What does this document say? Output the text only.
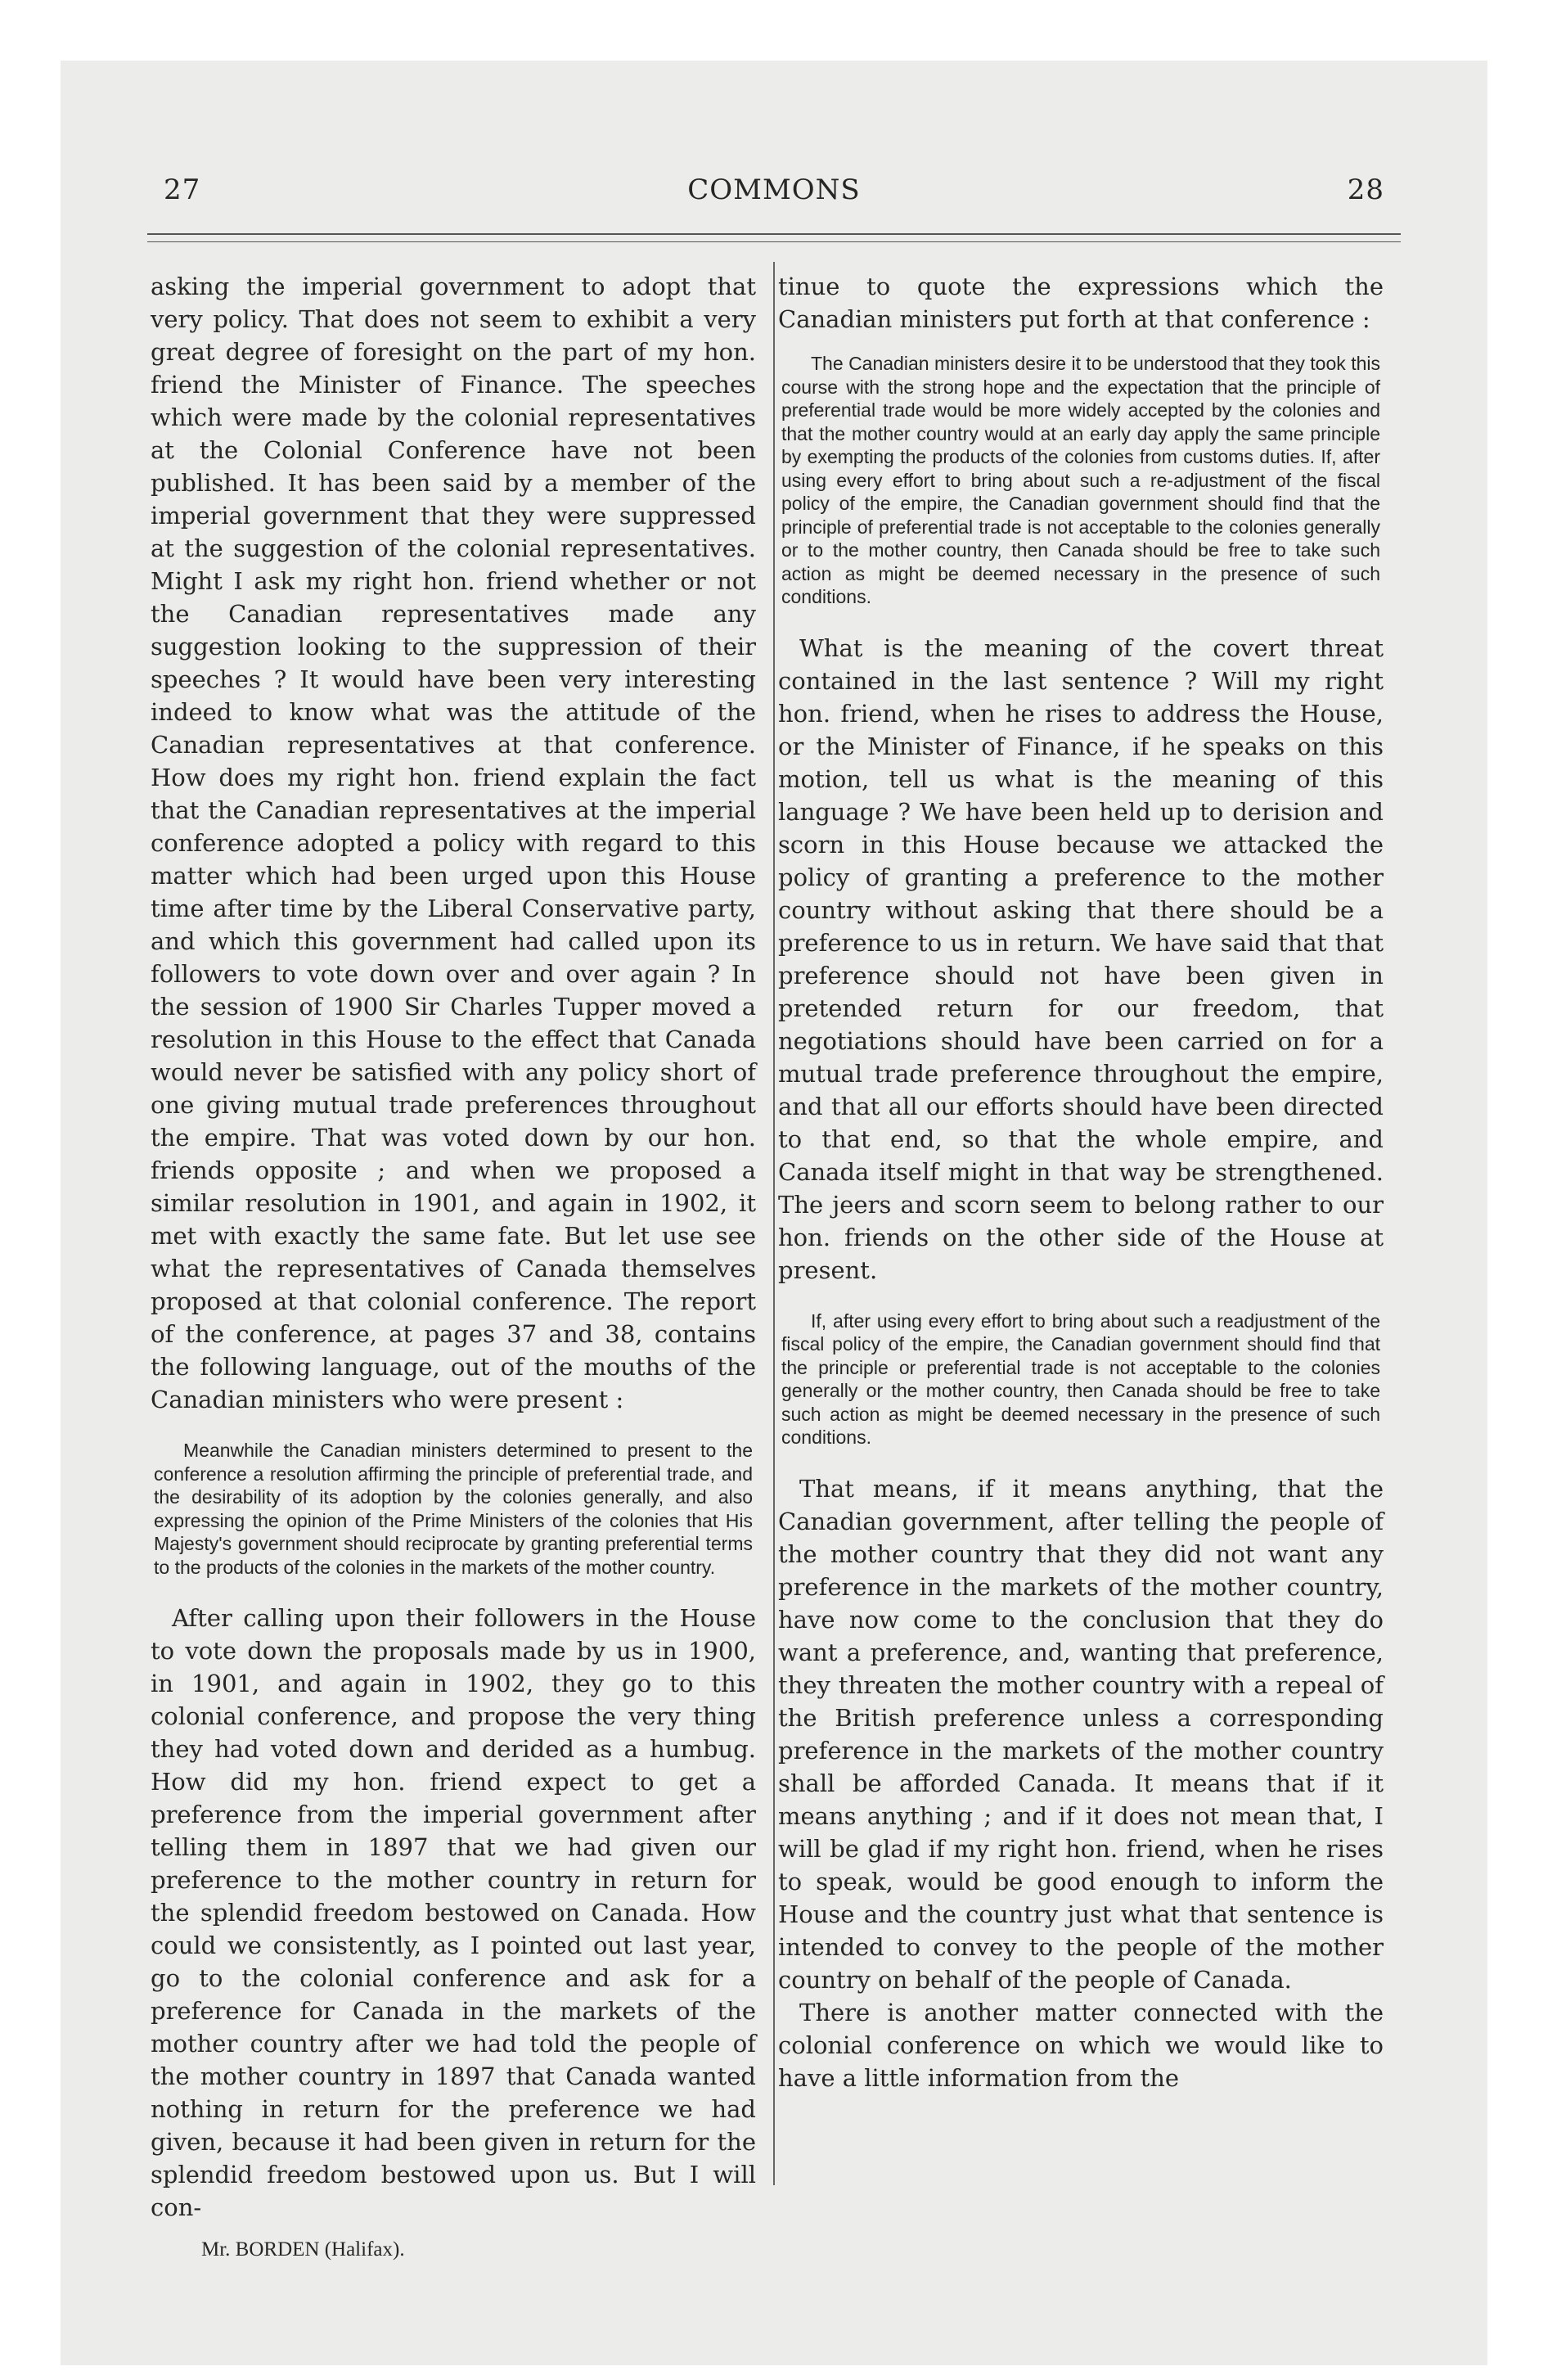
27	COMMONS	28

asking the imperial government to adopt that very policy. That does not seem to exhibit a very great degree of foresight on the part of my hon. friend the Minister of Finance. The speeches which were made by the colonial representatives at the Colonial Conference have not been published. It has been said by a member of the imperial government that they were suppressed at the suggestion of the colonial representatives. Might I ask my right hon. friend whether or not the Canadian representatives made any suggestion looking to the suppression of their speeches ? It would have been very interesting indeed to know what was the attitude of the Canadian representatives at that conference. How does my right hon. friend explain the fact that the Canadian representatives at the imperial conference adopted a policy with regard to this matter which had been urged upon this House time after time by the Liberal Conservative party, and which this government had called upon its followers to vote down over and over again ? In the session of 1900 Sir Charles Tupper moved a resolution in this House to the effect that Canada would never be satisfied with any policy short of one giving mutual trade preferences throughout the empire. That was voted down by our hon. friends opposite ; and when we proposed a similar resolution in 1901, and again in 1902, it met with exactly the same fate. But let use see what the representatives of Canada themselves proposed at that colonial conference. The report of the conference, at pages 37 and 38, contains the following language, out of the mouths of the Canadian ministers who were present :

Meanwhile the Canadian ministers determined to present to the conference a resolution affirming the principle of preferential trade, and the desirability of its adoption by the colonies generally, and also expressing the opinion of the Prime Ministers of the colonies that His Majesty's government should reciprocate by granting preferential terms to the products of the colonies in the markets of the mother country.

After calling upon their followers in the House to vote down the proposals made by us in 1900, in 1901, and again in 1902, they go to this colonial conference, and propose the very thing they had voted down and derided as a humbug. How did my hon. friend expect to get a preference from the imperial government after telling them in 1897 that we had given our preference to the mother country in return for the splendid freedom bestowed on Canada. How could we consistently, as I pointed out last year, go to the colonial conference and ask for a preference for Canada in the markets of the mother country after we had told the people of the mother country in 1897 that Canada wanted nothing in return for the preference we had given, because it had been given in return for the splendid freedom bestowed upon us. But I will con-

Mr. BORDEN (Halifax).

tinue to quote the expressions which the Canadian ministers put forth at that conference :

The Canadian ministers desire it to be understood that they took this course with the strong hope and the expectation that the principle of preferential trade would be more widely accepted by the colonies and that the mother country would at an early day apply the same principle by exempting the products of the colonies from customs duties. If, after using every effort to bring about such a re-adjustment of the fiscal policy of the empire, the Canadian government should find that the principle of preferential trade is not acceptable to the colonies generally or to the mother country, then Canada should be free to take such action as might be deemed necessary in the presence of such conditions.

What is the meaning of the covert threat contained in the last sentence ? Will my right hon. friend, when he rises to address the House, or the Minister of Finance, if he speaks on this motion, tell us what is the meaning of this language ? We have been held up to derision and scorn in this House because we attacked the policy of granting a preference to the mother country without asking that there should be a preference to us in return. We have said that that preference should not have been given in pretended return for our freedom, that negotiations should have been carried on for a mutual trade preference throughout the empire, and that all our efforts should have been directed to that end, so that the whole empire, and Canada itself might in that way be strengthened. The jeers and scorn seem to belong rather to our hon. friends on the other side of the House at present.

If, after using every effort to bring about such a readjustment of the fiscal policy of the empire, the Canadian government should find that the principle or preferential trade is not acceptable to the colonies generally or the mother country, then Canada should be free to take such action as might be deemed necessary in the presence of such conditions.

That means, if it means anything, that the Canadian government, after telling the people of the mother country that they did not want any preference in the markets of the mother country, have now come to the conclusion that they do want a preference, and, wanting that preference, they threaten the mother country with a repeal of the British preference unless a corresponding preference in the markets of the mother country shall be afforded Canada. It means that if it means anything ; and if it does not mean that, I will be glad if my right hon. friend, when he rises to speak, would be good enough to inform the House and the country just what that sentence is intended to convey to the people of the mother country on behalf of the people of Canada.

There is another matter connected with the colonial conference on which we would like to have a little information from the
